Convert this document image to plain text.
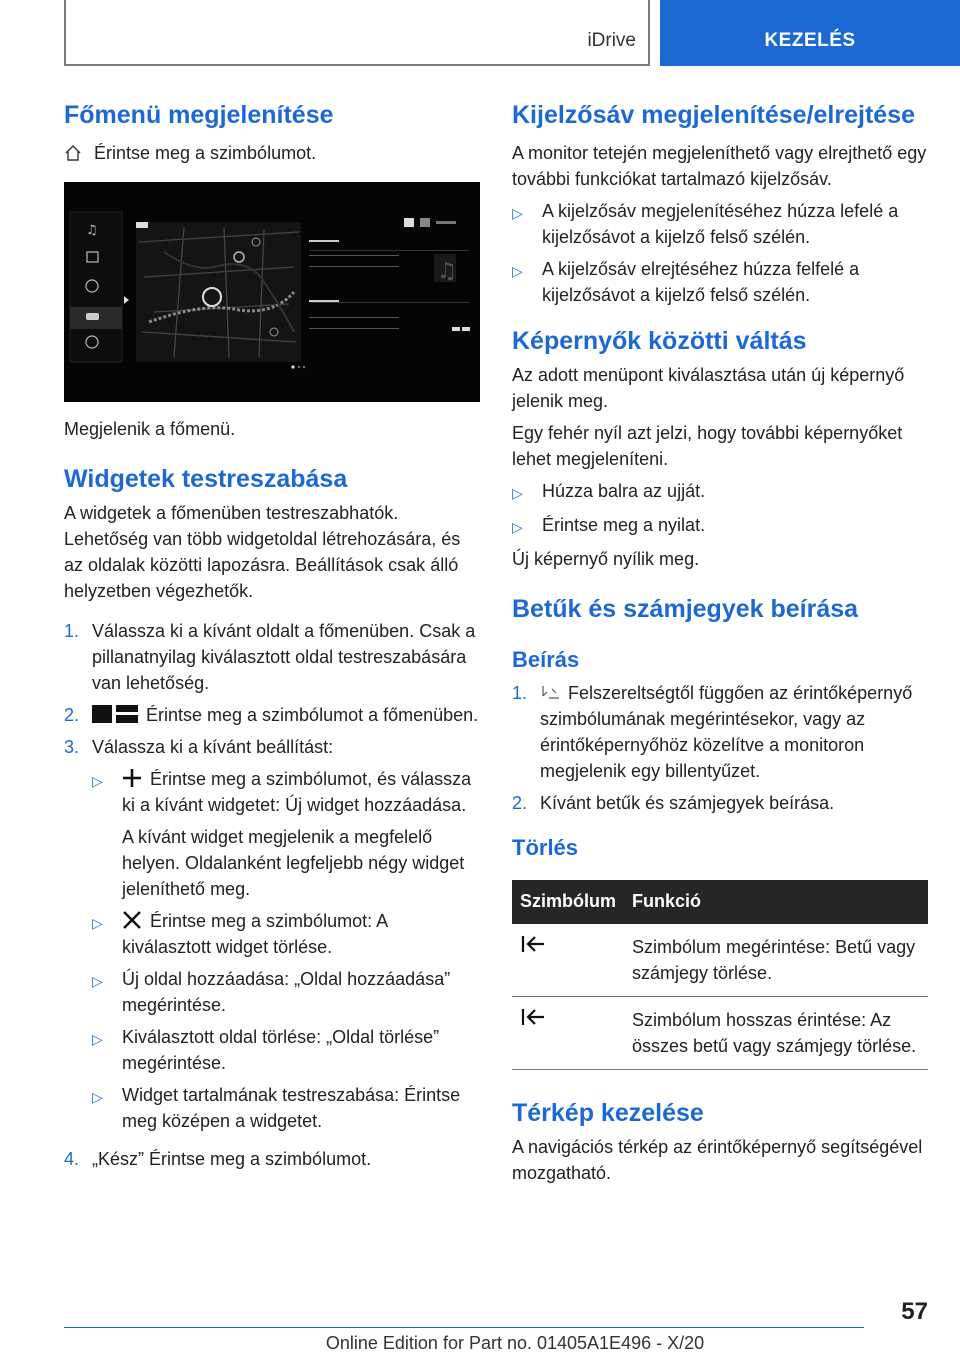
iDrive	KEZELÉS
Főmenü megjelenítése

Érintse meg a szimbólumot.

♫
♫

Megjelenik a főmenü.

Widgetek testreszabása

A widgetek a főmenüben testreszabhatók. Lehetőség van több widgetoldal létrehozására, és az oldalak közötti lapozásra. Beállítások csak álló helyzetben végezhetők.

1. Válassza ki a kívánt oldalt a főmenüben. Csak a pillanatnyilag kiválasztott oldal testreszabására van lehetőség.
2.	Érintse meg a szimbólumot a főmenüben.
3. Válassza ki a kívánt beállítást:
▷	Érintse meg a szimbólumot, és válassza ki a kívánt widgetet: Új widget hozzáadása.

A kívánt widget megjelenik a megfelelő helyen. Oldalanként legfeljebb négy widget jeleníthető meg.

▷	Érintse meg a szimbólumot: A kiválasztott widget törlése.
▷	Új oldal hozzáadása: „Oldal hozzáadása” megérintése.
▷	Kiválasztott oldal törlése: „Oldal törlése” megérintése.
▷	Widget tartalmának testreszabása: Érintse meg középen a widgetet.
4. „Kész” Érintse meg a szimbólumot.
Kijelzősáv megjelenítése/elrejtése

A monitor tetején megjeleníthető vagy elrejthető egy további funkciókat tartalmazó kijelzősáv.

▷	A kijelzősáv megjelenítéséhez húzza lefelé a kijelzősávot a kijelző felső szélén.
▷	A kijelzősáv elrejtéséhez húzza felfelé a kijelzősávot a kijelző felső szélén.
Képernyők közötti váltás

Az adott menüpont kiválasztása után új képernyő jelenik meg.

Egy fehér nyíl azt jelzi, hogy további képernyőket lehet megjeleníteni.

▷	Húzza balra az ujját.
▷	Érintse meg a nyilat.

Új képernyő nyílik meg.

Betűk és számjegyek beírása
Beírás
1.	Felszereltségtől függően az érintőképernyő szimbólumának megérintésekor, vagy az érintőképernyőhöz közelítve a monitoron megjelenik egy billentyűzet.
2. Kívánt betűk és számjegyek beírása.
Törlés
Szimbólum	Funkció
	Szimbólum megérintése: Betű vagy számjegy törlése.
	Szimbólum hosszas érintése: Az összes betű vagy számjegy törlése.
Térkép kezelése

A navigációs térkép az érintőképernyő segítségével mozgatható.

57
Online Edition for Part no. 01405A1E496 - X/20
